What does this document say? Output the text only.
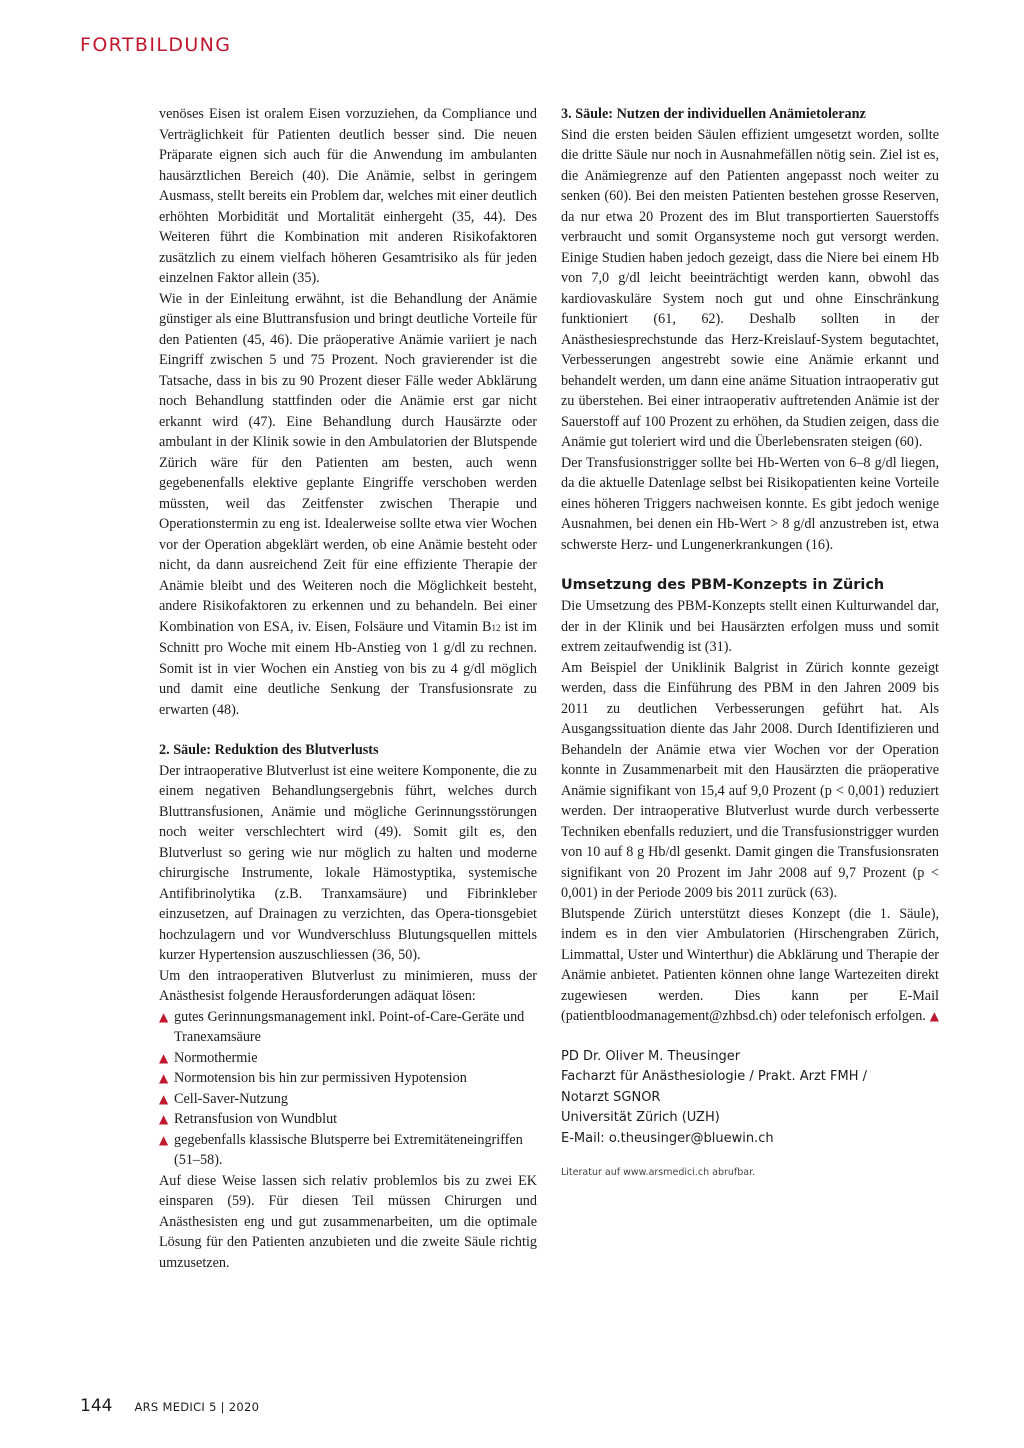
FORTBILDUNG

venöses Eisen ist oralem Eisen vorzuziehen, da Compliance und Verträglichkeit für Patienten deutlich besser sind. Die neuen Präparate eignen sich auch für die Anwendung im ambulanten hausärztlichen Bereich (40). Die Anämie, selbst in geringem Ausmass, stellt bereits ein Problem dar, welches mit einer deutlich erhöhten Morbidität und Mortalität einhergeht (35, 44). Des Weiteren führt die Kombination mit anderen Risikofaktoren zusätzlich zu einem vielfach höheren Gesamtrisiko als für jeden einzelnen Faktor allein (35).

Wie in der Einleitung erwähnt, ist die Behandlung der Anämie günstiger als eine Bluttransfusion und bringt deutliche Vorteile für den Patienten (45, 46). Die präoperative Anämie variiert je nach Eingriff zwischen 5 und 75 Prozent. Noch gravierender ist die Tatsache, dass in bis zu 90 Prozent dieser Fälle weder Abklärung noch Behandlung stattfinden oder die Anämie erst gar nicht erkannt wird (47). Eine Behandlung durch Hausärzte oder ambulant in der Klinik sowie in den Ambulatorien der Blutspende Zürich wäre für den Patienten am besten, auch wenn gegebenenfalls elektive geplante Eingriffe verschoben werden müssten, weil das Zeitfenster zwischen Therapie und Operationstermin zu eng ist. Idealerweise sollte etwa vier Wochen vor der Operation abgeklärt werden, ob eine Anämie besteht oder nicht, da dann ausreichend Zeit für eine effiziente Therapie der Anämie bleibt und des Weiteren noch die Möglichkeit besteht, andere Risikofaktoren zu erkennen und zu behandeln. Bei einer Kombination von ESA, iv. Eisen, Folsäure und Vitamin B12 ist im Schnitt pro Woche mit einem Hb-Anstieg von 1 g/dl zu rechnen. Somit ist in vier Wochen ein Anstieg von bis zu 4 g/dl möglich und damit eine deutliche Senkung der Transfusionsrate zu erwarten (48).

2. Säule: Reduktion des Blutverlusts

Der intraoperative Blutverlust ist eine weitere Komponente, die zu einem negativen Behandlungsergebnis führt, welches durch Bluttransfusionen, Anämie und mögliche Gerinnungsstörungen noch weiter verschlechtert wird (49). Somit gilt es, den Blutverlust so gering wie nur möglich zu halten und moderne chirurgische Instrumente, lokale Hämostyptika, systemische Antifibrinolytika (z.B. Tranxamsäure) und Fibrinkleber einzusetzen, auf Drainagen zu verzichten, das Opera-tionsgebiet hochzulagern und vor Wundverschluss Blutungsquellen mittels kurzer Hypertension auszuschliessen (36, 50).

Um den intraoperativen Blutverlust zu minimieren, muss der Anästhesist folgende Herausforderungen adäquat lösen:

▲ gutes Gerinnungsmanagement inkl. Point-of-Care-Geräte und Tranexamsäure
▲ Normothermie
▲ Normotension bis hin zur permissiven Hypotension
▲ Cell-Saver-Nutzung
▲ Retransfusion von Wundblut
▲ gegebenfalls klassische Blutsperre bei Extremitäteneingriffen (51–58).

Auf diese Weise lassen sich relativ problemlos bis zu zwei EK einsparen (59). Für diesen Teil müssen Chirurgen und Anästhesisten eng und gut zusammenarbeiten, um die optimale Lösung für den Patienten anzubieten und die zweite Säule richtig umzusetzen.

3. Säule: Nutzen der individuellen Anämietoleranz

Sind die ersten beiden Säulen effizient umgesetzt worden, sollte die dritte Säule nur noch in Ausnahmefällen nötig sein. Ziel ist es, die Anämiegrenze auf den Patienten angepasst noch weiter zu senken (60). Bei den meisten Patienten bestehen grosse Reserven, da nur etwa 20 Prozent des im Blut transportierten Sauerstoffs verbraucht und somit Organsysteme noch gut versorgt werden. Einige Studien haben jedoch gezeigt, dass die Niere bei einem Hb von 7,0 g/dl leicht beeinträchtigt werden kann, obwohl das kardiovaskuläre System noch gut und ohne Einschränkung funktioniert (61, 62). Deshalb sollten in der Anästhesiesprechstunde das Herz-Kreislauf-System begutachtet, Verbesserungen angestrebt sowie eine Anämie erkannt und behandelt werden, um dann eine anäme Situation intraoperativ gut zu überstehen. Bei einer intraoperativ auftretenden Anämie ist der Sauerstoff auf 100 Prozent zu erhöhen, da Studien zeigen, dass die Anämie gut toleriert wird und die Überlebensraten steigen (60).

Der Transfusionstrigger sollte bei Hb-Werten von 6–8 g/dl liegen, da die aktuelle Datenlage selbst bei Risikopatienten keine Vorteile eines höheren Triggers nachweisen konnte. Es gibt jedoch wenige Ausnahmen, bei denen ein Hb-Wert > 8 g/dl anzustreben ist, etwa schwerste Herz- und Lungenerkrankungen (16).

Umsetzung des PBM-Konzepts in Zürich

Die Umsetzung des PBM-Konzepts stellt einen Kulturwandel dar, der in der Klinik und bei Hausärzten erfolgen muss und somit extrem zeitaufwendig ist (31).

Am Beispiel der Uniklinik Balgrist in Zürich konnte gezeigt werden, dass die Einführung des PBM in den Jahren 2009 bis 2011 zu deutlichen Verbesserungen geführt hat. Als Ausgangssituation diente das Jahr 2008. Durch Identifizieren und Behandeln der Anämie etwa vier Wochen vor der Operation konnte in Zusammenarbeit mit den Hausärzten die präoperative Anämie signifikant von 15,4 auf 9,0 Prozent (p < 0,001) reduziert werden. Der intraoperative Blutverlust wurde durch verbesserte Techniken ebenfalls reduziert, und die Transfusionstrigger wurden von 10 auf 8 g Hb/dl gesenkt. Damit gingen die Transfusionsraten signifikant von 20 Prozent im Jahr 2008 auf 9,7 Prozent (p < 0,001) in der Periode 2009 bis 2011 zurück (63).

Blutspende Zürich unterstützt dieses Konzept (die 1. Säule), indem es in den vier Ambulatorien (Hirschengraben Zürich, Limmattal, Uster und Winterthur) die Abklärung und Therapie der Anämie anbietet. Patienten können ohne lange Wartezeiten direkt zugewiesen werden. Dies kann per E-Mail (patientbloodmanagement@zhbsd.ch) oder telefonisch erfolgen. ▲

PD Dr. Oliver M. Theusinger
Facharzt für Anästhesiologie / Prakt. Arzt FMH /
Notarzt SGNOR
Universität Zürich (UZH)
E-Mail: o.theusinger@bluewin.ch
Literatur auf www.arsmedici.ch abrufbar.
144 ARS MEDICI 5 | 2020
